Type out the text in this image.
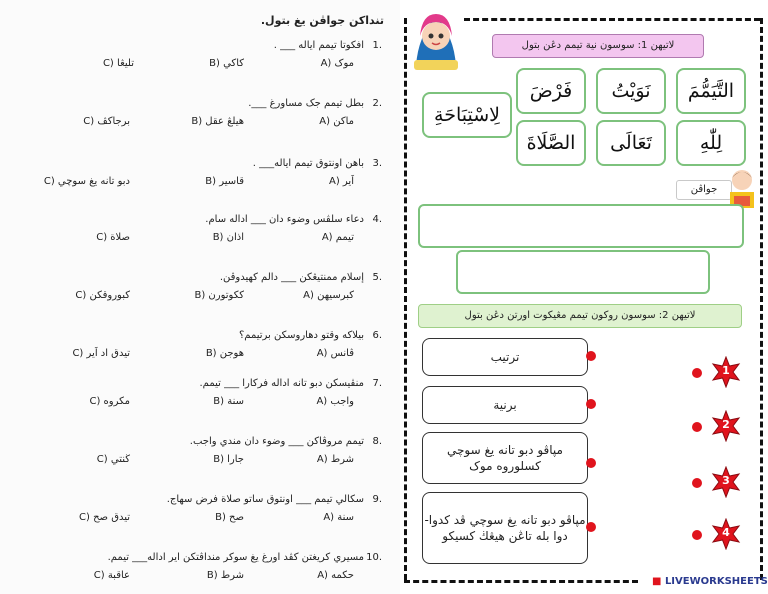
تندا‌کن جواڤن يغ بتول.
1.
افکوتا تيمم اياله ___ .
A) موک
B) کاکي
C) تليڠا
2.
بطل تيمم جک مساورغ ___.
A) ماکن
B) هيلڠ عقل
C) برجاکڤ
3.
باهن اونتوق تيمم اياله___ .
A) اَير
B) قاسير
C) دبو تانه يغ سوچي
4.
دعاء سلڤس وضوء دان ___ اداله سام.
A) تيمم
B) اذان
C) صلاة
5.
إسلام ممنتيڠکن ___ دالم کهيدوڤن.
A) کبرسيهن
B) ککوتورن
C) کبوروقکن
6.
بيلاکه وقتو دهاروسکن برتيمم؟
A) ڤانس
B) هوجن
C) تيدق اد اَير
7.
منڤيسکن دبو تانه اداله فرکارا ___ تيمم.
A) واجب
B) سنة
C) مکروه
8.
تيمم مروڤاکن ___ وضوء دان مندي واجب.
A) شرط
B) جارا
C) ڬنتي
9.
سکالي تيمم ___ اونتوق ساتو صلاة فرض سهاج.
A) سنة
B) صح
C) تيدق صح
10.
مسيري کريغتن کڤد اورغ يغ سوکر منداڤتکن اير اداله___ تيمم.
A) حکمه
B) شرط
C) عاقبة
لاتيهن 1: سوسون نية تيمم دڠن بتول
التَّيَمُّمَ
نَوَيْتُ
فَرْضَ
لِاسْتِبَاحَةِ
لِلّٰهِ
تَعَالَى
الصَّلَاةَ
جواڤن
لاتيهن 2: سوسون روکون تيمم مڠيکوت اورتن دڠن بتول
ترتيب
برنية
مپاڤو دبو تانه يغ سوچي کسلوروه موک
مپاڤو دبو تانه يغ سوچي ڤد کدوا-دوا بله تاڠن هيڠڬ کسيکو
1
2
3
4
■ LIVEWORKSHEETS
